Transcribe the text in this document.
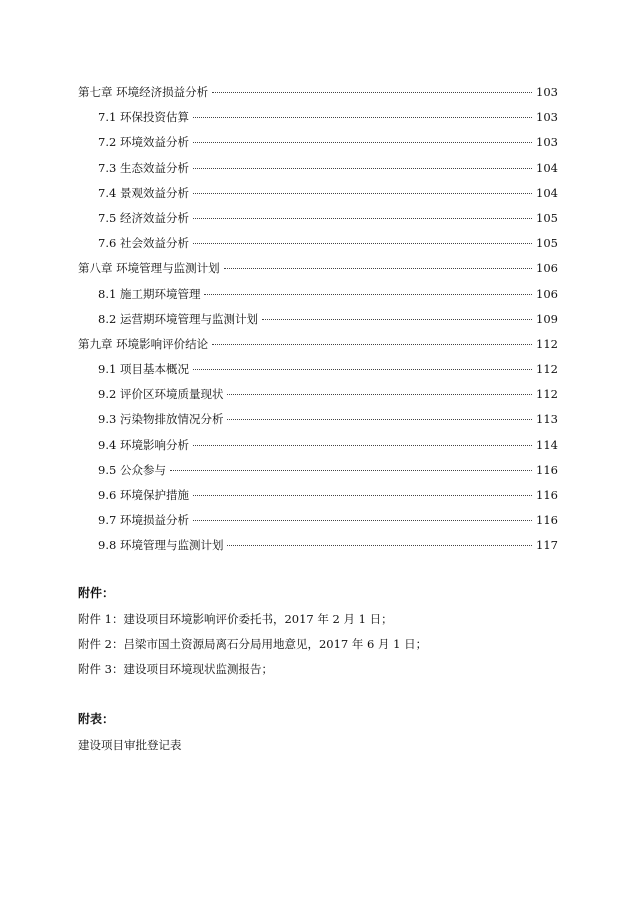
第七章 环境经济损益分析	103
7.1 环保投资估算	103
7.2 环境效益分析	103
7.3 生态效益分析	104
7.4 景观效益分析	104
7.5 经济效益分析	105
7.6 社会效益分析	105
第八章 环境管理与监测计划	106
8.1 施工期环境管理	106
8.2 运营期环境管理与监测计划	109
第九章 环境影响评价结论	112
9.1 项目基本概况	112
9.2 评价区环境质量现状	112
9.3 污染物排放情况分析	113
9.4 环境影响分析	114
9.5 公众参与	116
9.6 环境保护措施	116
9.7 环境损益分析	116
9.8 环境管理与监测计划	117
附件：
附件 1：建设项目环境影响评价委托书，2017 年 2 月 1 日；
附件 2：吕梁市国土资源局离石分局用地意见，2017 年 6 月 1 日；
附件 3：建设项目环境现状监测报告；
附表：
建设项目审批登记表
